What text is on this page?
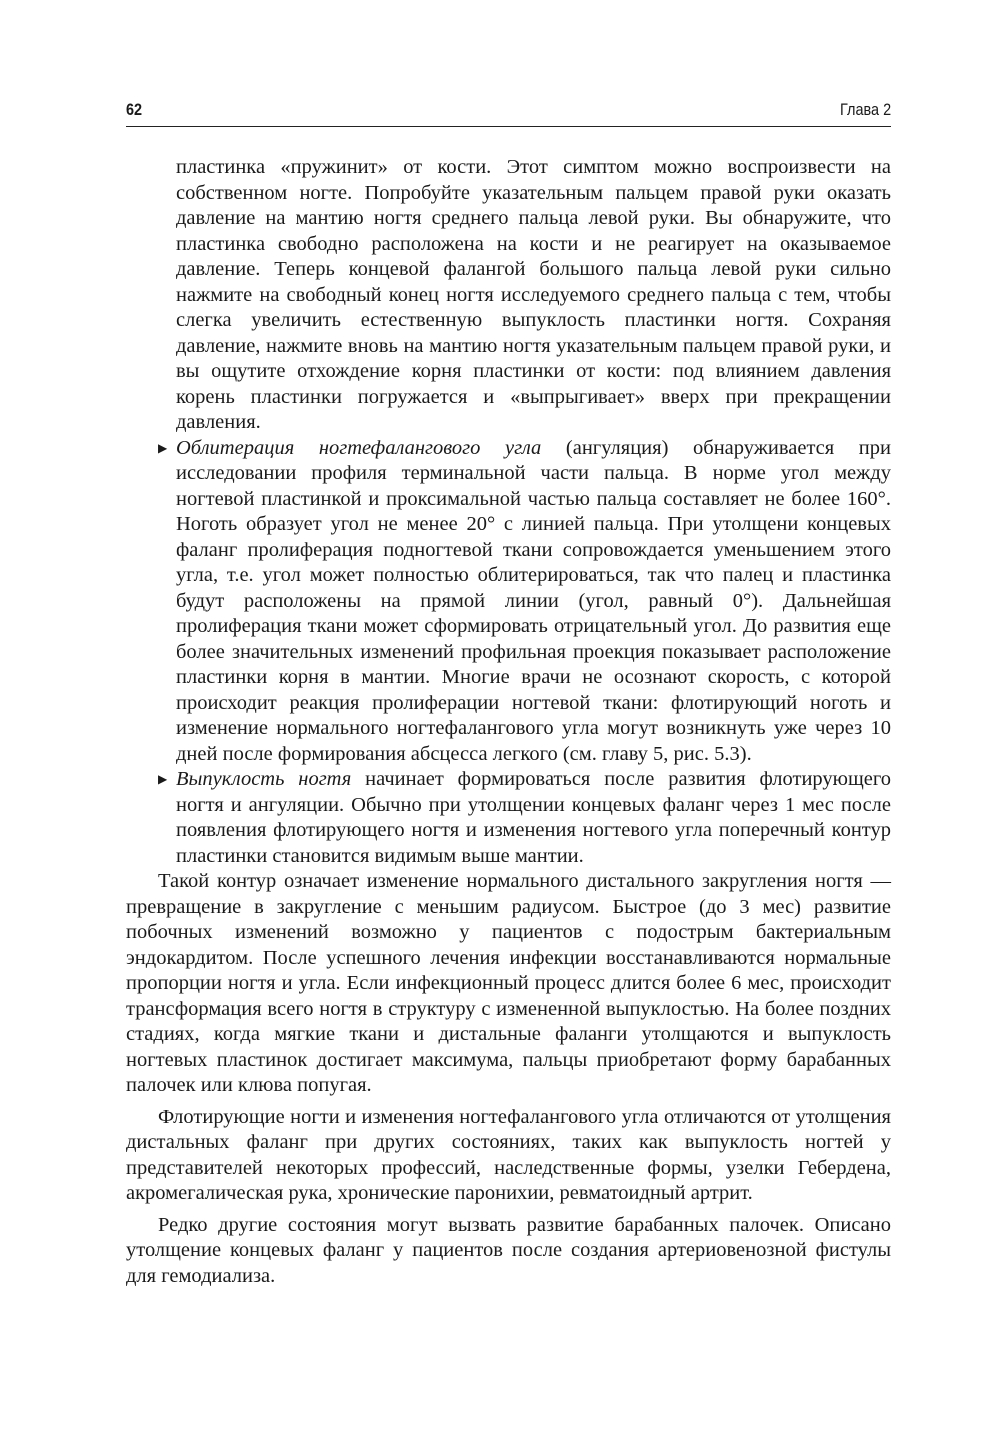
62	Глава 2

пластинка «пружинит» от кости. Этот симптом можно воспроизвести на собственном ногте. Попробуйте указательным пальцем правой руки оказать давление на мантию ногтя среднего пальца левой руки. Вы обнаружите, что пластинка свободно расположена на кости и не реагирует на оказываемое давление. Теперь концевой фалангой большого пальца левой руки сильно нажмите на свободный конец ногтя исследуемого среднего пальца с тем, чтобы слегка увеличить естественную выпуклость пластинки ногтя. Сохраняя давление, нажмите вновь на мантию ногтя указательным пальцем правой руки, и вы ощутите отхождение корня пластинки от кости: под влиянием давления корень пластинки погружается и «выпрыгивает» вверх при прекращении давления.

▶ Облитерация ногтефалангового угла (ангуляция) обнаруживается при исследовании профиля терминальной части пальца. В норме угол между ногтевой пластинкой и проксимальной частью пальца составляет не более 160°. Ноготь образует угол не менее 20° с линией пальца. При утолщени концевых фаланг пролиферация подногтевой ткани сопровождается уменьшением этого угла, т.е. угол может полностью облитерироваться, так что палец и пластинка будут расположены на прямой линии (угол, равный 0°). Дальнейшая пролиферация ткани может сформировать отрицательный угол. До развития еще более значительных изменений профильная проекция показывает расположение пластинки корня в мантии. Многие врачи не осознают скорость, с которой происходит реакция пролиферации ногтевой ткани: флотирующий ноготь и изменение нормального ногтефалангового угла могут возникнуть уже через 10 дней после формирования абсцесса легкого (см. главу 5, рис. 5.3).

▶ Выпуклость ногтя начинает формироваться после развития флотирующего ногтя и ангуляции. Обычно при утолщении концевых фаланг через 1 мес после появления флотирующего ногтя и изменения ногтевого угла поперечный контур пластинки становится видимым выше мантии.

Такой контур означает изменение нормального дистального закругления ногтя — превращение в закругление с меньшим радиусом. Быстрое (до 3 мес) развитие побочных изменений возможно у пациентов с подострым бактериальным эндокардитом. После успешного лечения инфекции восстанавливаются нормальные пропорции ногтя и угла. Если инфекционный процесс длится более 6 мес, происходит трансформация всего ногтя в структуру с измененной выпуклостью. На более поздних стадиях, когда мягкие ткани и дистальные фаланги утолщаются и выпуклость ногтевых пластинок достигает максимума, пальцы приобретают форму барабанных палочек или клюва попугая.

Флотирующие ногти и изменения ногтефалангового угла отличаются от утолщения дистальных фаланг при других состояниях, таких как выпуклость ногтей у представителей некоторых профессий, наследственные формы, узелки Гебердена, акромегалическая рука, хронические паронихии, ревматоидный артрит.

Редко другие состояния могут вызвать развитие барабанных палочек. Описано утолщение концевых фаланг у пациентов после создания артериовенозной фистулы для гемодиализа.
